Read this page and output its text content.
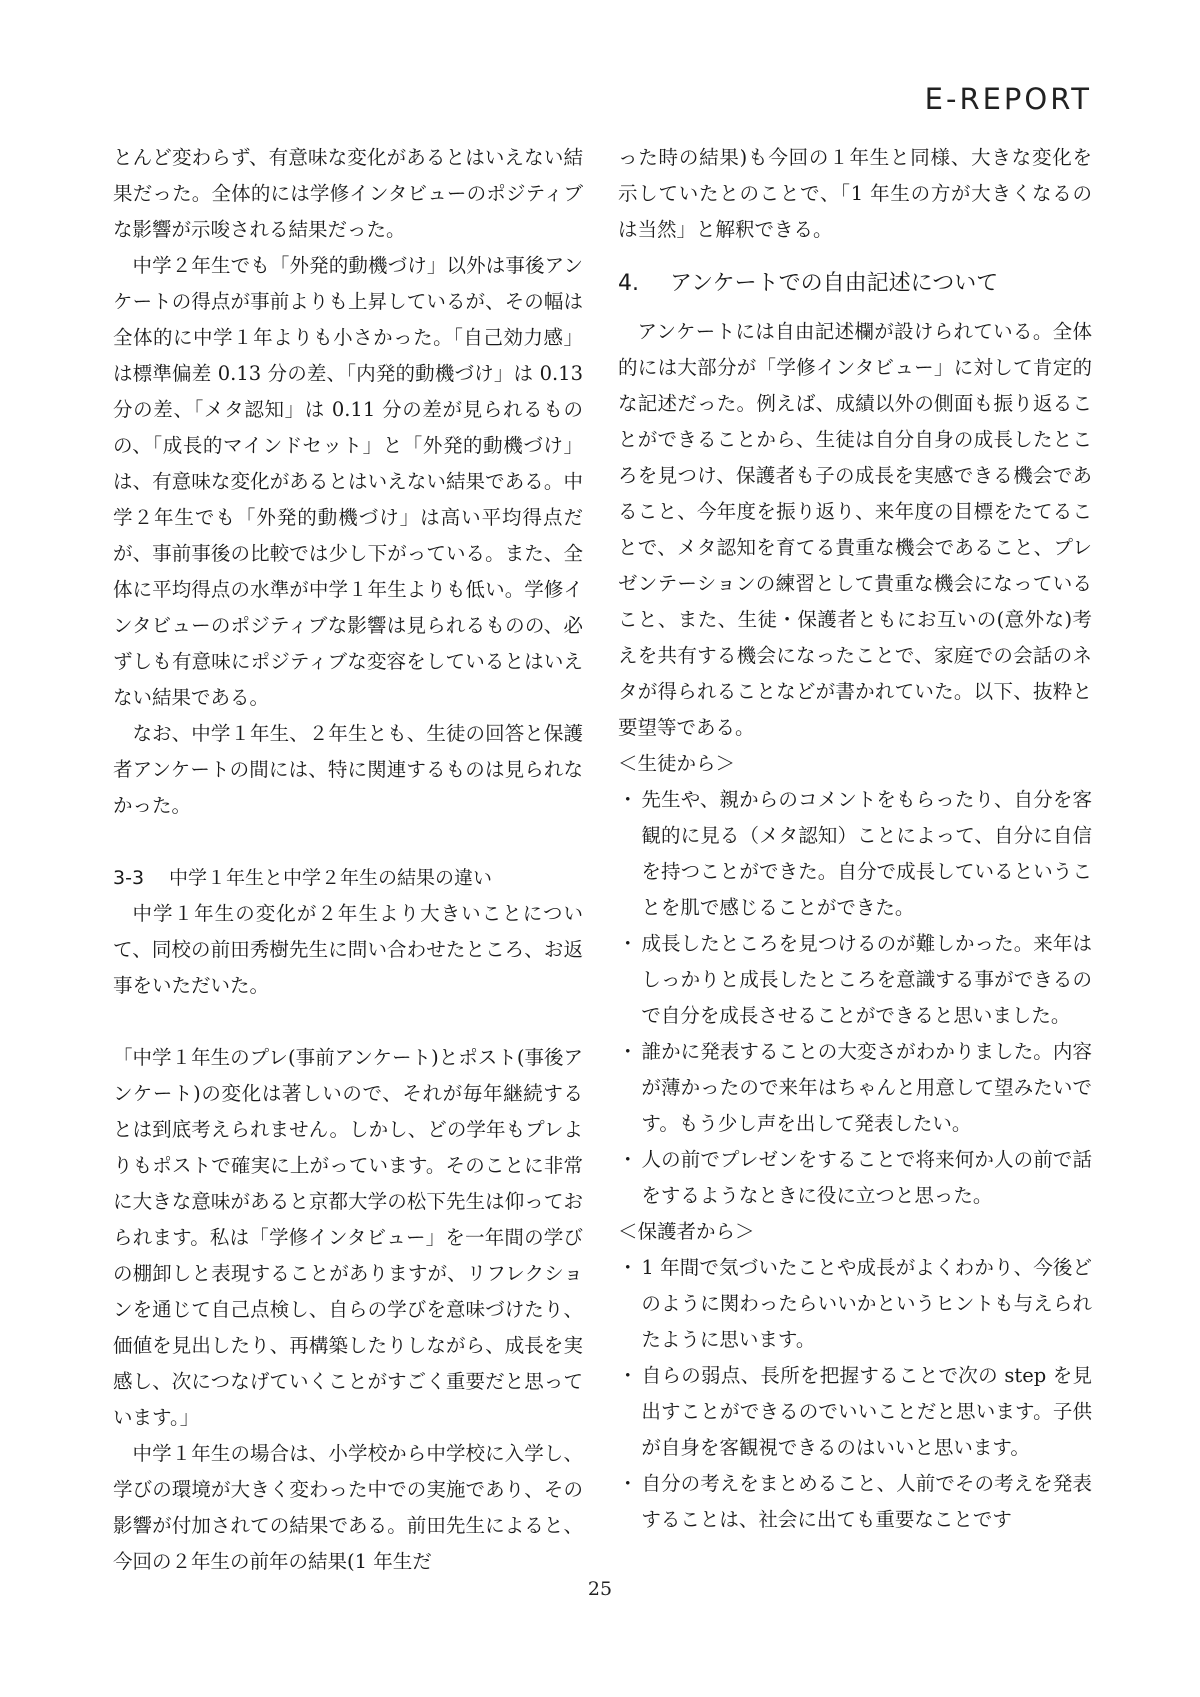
E-REPORT

とんど変わらず、有意味な変化があるとはいえない結果だった。全体的には学修インタビューのポジティブな影響が示唆される結果だった。

中学２年生でも「外発的動機づけ」以外は事後アンケートの得点が事前よりも上昇しているが、その幅は全体的に中学１年よりも小さかった。「自己効力感」は標準偏差 0.13 分の差、「内発的動機づけ」は 0.13 分の差、「メタ認知」は 0.11 分の差が見られるものの、「成長的マインドセット」と「外発的動機づけ」は、有意味な変化があるとはいえない結果である。中学２年生でも「外発的動機づけ」は高い平均得点だが、事前事後の比較では少し下がっている。また、全体に平均得点の水準が中学１年生よりも低い。学修インタビューのポジティブな影響は見られるものの、必ずしも有意味にポジティブな変容をしているとはいえない結果である。

なお、中学１年生、２年生とも、生徒の回答と保護者アンケートの間には、特に関連するものは見られなかった。

3-3 中学１年生と中学２年生の結果の違い

中学１年生の変化が２年生より大きいことについて、同校の前田秀樹先生に問い合わせたところ、お返事をいただいた。

「中学１年生のプレ(事前アンケート)とポスト(事後アンケート)の変化は著しいので、それが毎年継続するとは到底考えられません。しかし、どの学年もプレよりもポストで確実に上がっています。そのことに非常に大きな意味があると京都大学の松下先生は仰っておられます。私は「学修インタビュー」を一年間の学びの棚卸しと表現することがありますが、リフレクションを通じて自己点検し、自らの学びを意味づけたり、価値を見出したり、再構築したりしながら、成長を実感し、次につなげていくことがすごく重要だと思っています。」

中学１年生の場合は、小学校から中学校に入学し、学びの環境が大きく変わった中での実施であり、その影響が付加されての結果である。前田先生によると、今回の２年生の前年の結果(1 年生だ

った時の結果)も今回の１年生と同様、大きな変化を示していたとのことで、「1 年生の方が大きくなるのは当然」と解釈できる。

4. アンケートでの自由記述について

アンケートには自由記述欄が設けられている。全体的には大部分が「学修インタビュー」に対して肯定的な記述だった。例えば、成績以外の側面も振り返ることができることから、生徒は自分自身の成長したところを見つけ、保護者も子の成長を実感できる機会であること、今年度を振り返り、来年度の目標をたてることで、メタ認知を育てる貴重な機会であること、プレゼンテーションの練習として貴重な機会になっていること、また、生徒・保護者ともにお互いの(意外な)考えを共有する機会になったことで、家庭での会話のネタが得られることなどが書かれていた。以下、抜粋と要望等である。

＜生徒から＞

・ 先生や、親からのコメントをもらったり、自分を客観的に見る（メタ認知）ことによって、自分に自信を持つことができた。自分で成長しているということを肌で感じることができた。
・ 成長したところを見つけるのが難しかった。来年はしっかりと成長したところを意識する事ができるので自分を成長させることができると思いました。
・ 誰かに発表することの大変さがわかりました。内容が薄かったので来年はちゃんと用意して望みたいです。もう少し声を出して発表したい。
・ 人の前でプレゼンをすることで将来何か人の前で話をするようなときに役に立つと思った。

＜保護者から＞

・ 1 年間で気づいたことや成長がよくわかり、今後どのように関わったらいいかというヒントも与えられたように思います。
・ 自らの弱点、長所を把握することで次の step を見出すことができるのでいいことだと思います。子供が自身を客観視できるのはいいと思います。
・ 自分の考えをまとめること、人前でその考えを発表することは、社会に出ても重要なことです
25
